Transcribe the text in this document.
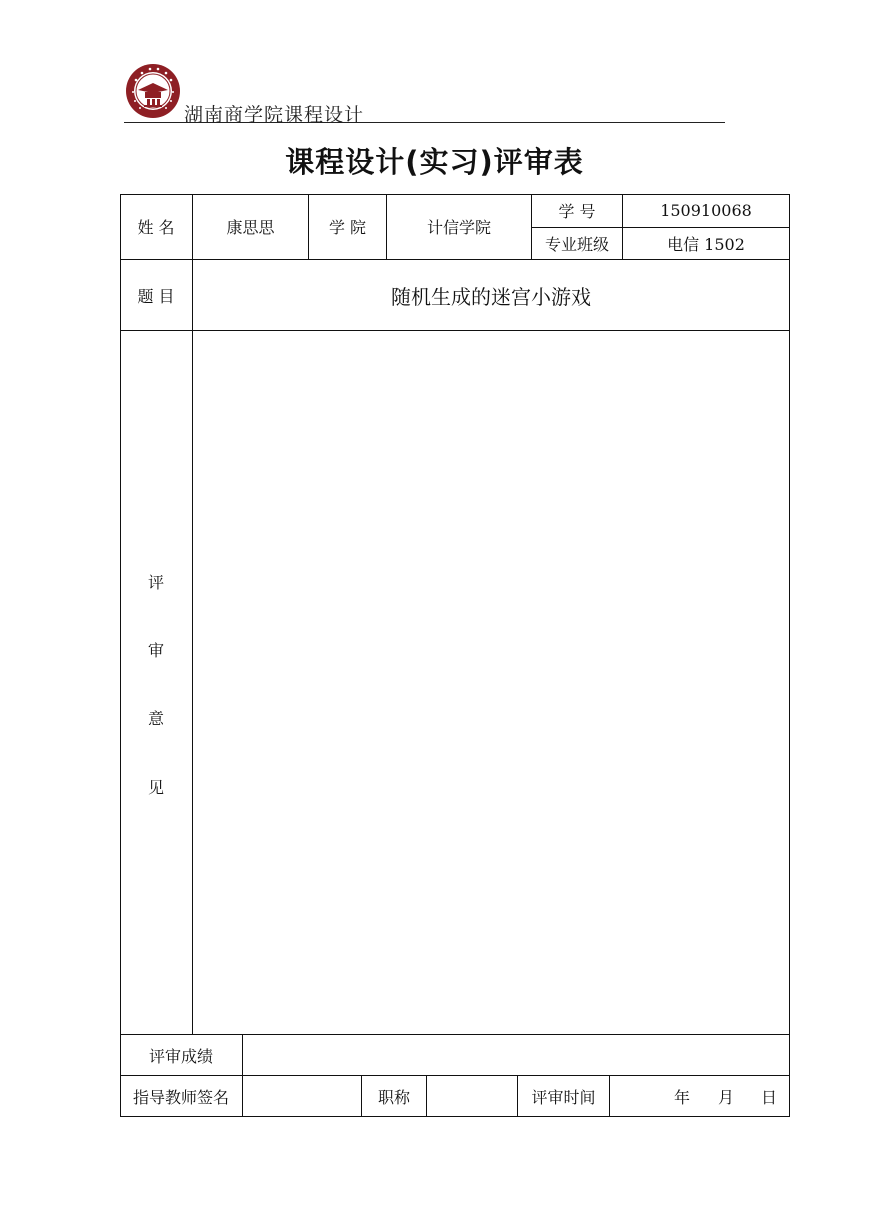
湖南商学院课程设计
课程设计(实习)评审表
姓 名	康思思	学 院	计信学院
学 号	150910068
专业班级	电信 1502
题 目	随机生成的迷宫小游戏
评
审
意
见
评审成绩
指导教师签名	职称	评审时间	年 月 日
